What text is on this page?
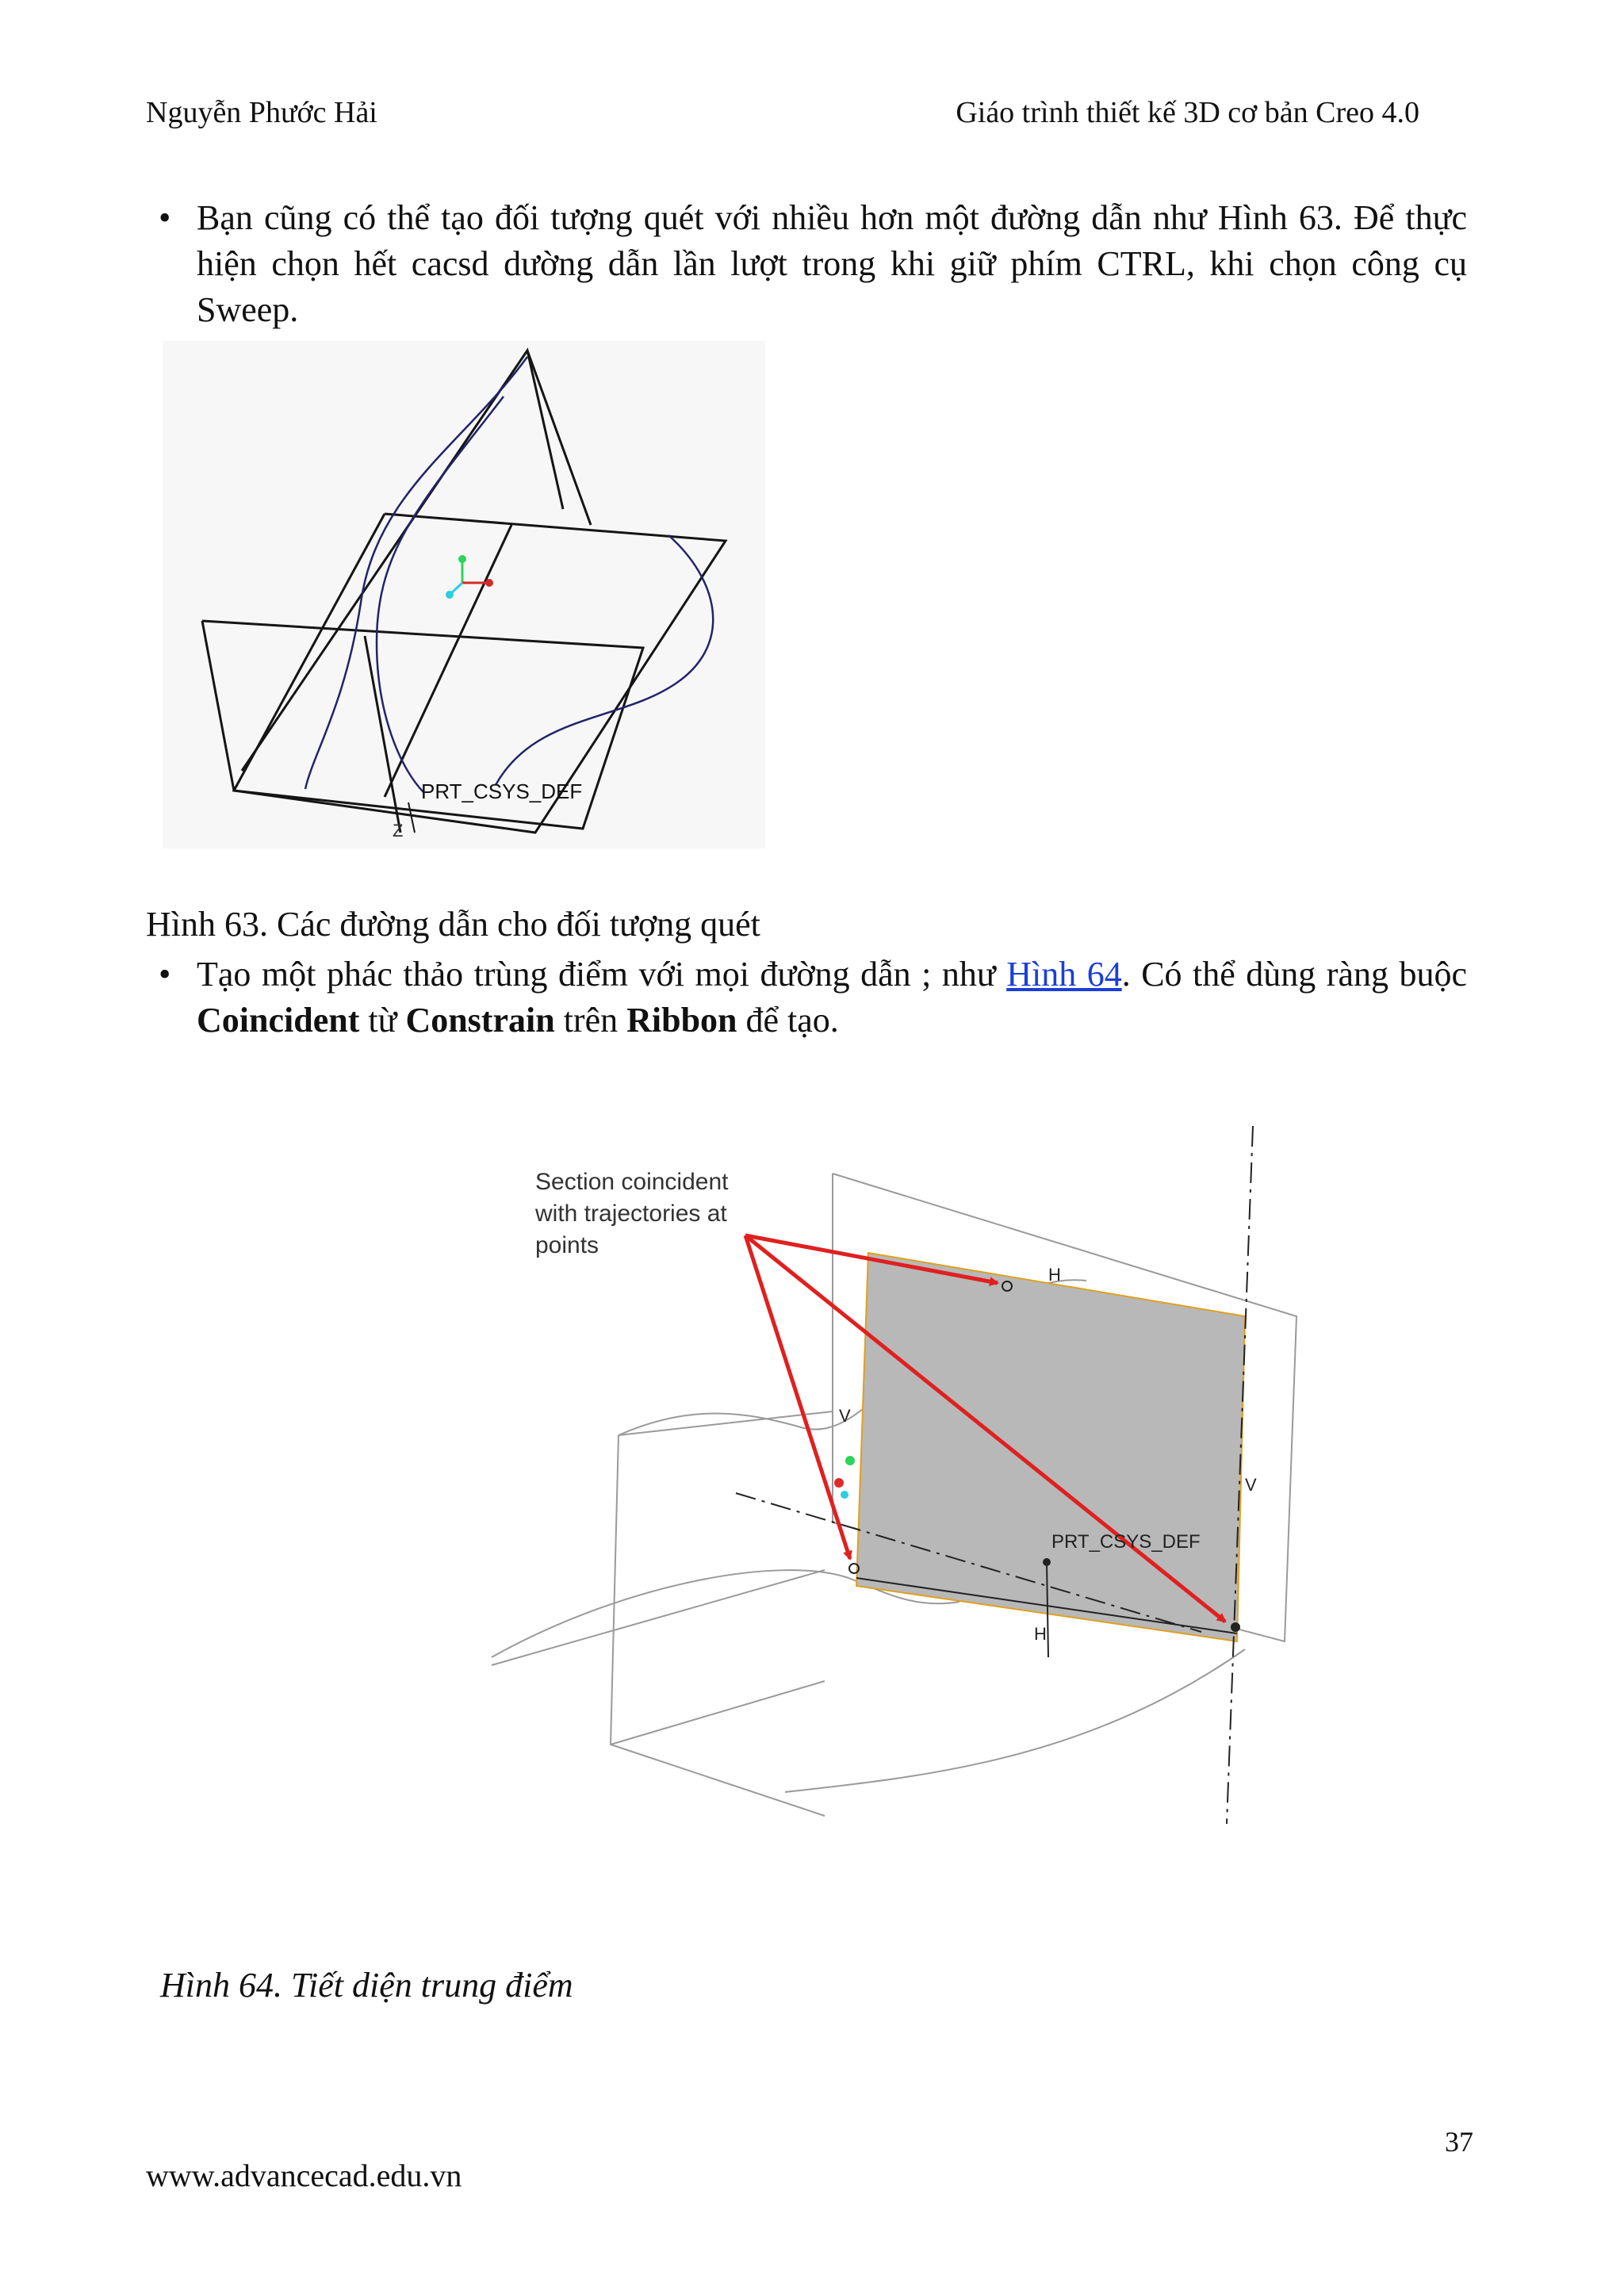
Nguyễn Phước Hải	Giáo trình thiết kế 3D cơ bản Creo 4.0
• Bạn cũng có thể tạo đối tượng quét với nhiều hơn một đường dẫn như Hình 63. Để thực hiện chọn hết cacsd dường dẫn lần lượt trong khi giữ phím CTRL, khi chọn công cụ Sweep.
PRT_CSYS_DEF
Z
Hình 63. Các đường dẫn cho đối tượng quét
• Tạo một phác thảo trùng điểm với mọi đường dẫn ; như Hình 64. Có thể dùng ràng buộc Coincident từ Constrain trên Ribbon để tạo.
Section coincident
with trajectories at
points
H
V
V
H
PRT_CSYS_DEF
Hình 64. Tiết diện trung điểm
37
www.advancecad.edu.vn
